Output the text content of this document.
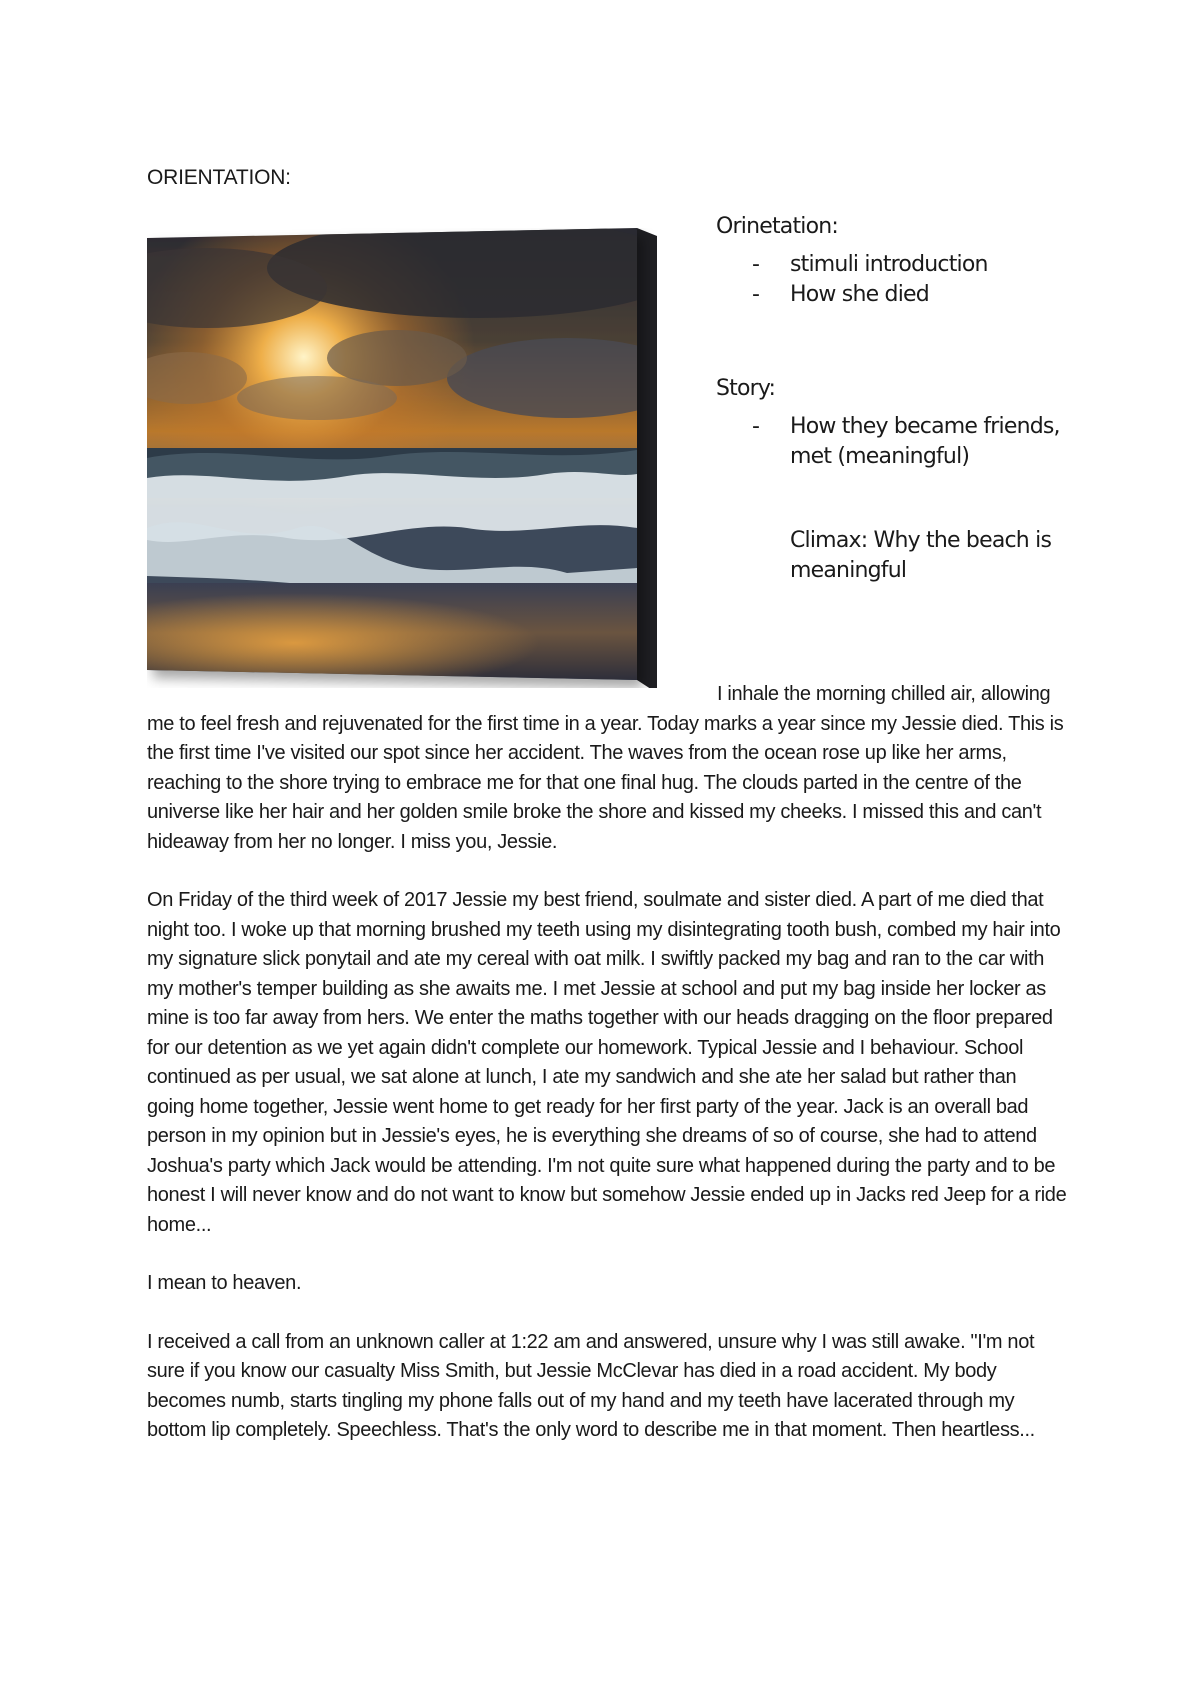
ORIENTATION:

Orinetation:

- stimuli introduction
- How she died

Story:

- How they became friends, met (meaningful)

Climax: Why the beach is meaningful

I inhale the morning chilled air, allowing me to feel fresh and rejuvenated for the first time in a year. Today marks a year since my Jessie died. This is the first time I've visited our spot since her accident. The waves from the ocean rose up like her arms, reaching to the shore trying to embrace me for that one final hug. The clouds parted in the centre of the universe like her hair and her golden smile broke the shore and kissed my cheeks. I missed this and can't hideaway from her no longer. I miss you, Jessie.

On Friday of the third week of 2017 Jessie my best friend, soulmate and sister died. A part of me died that night too. I woke up that morning brushed my teeth using my disintegrating tooth bush, combed my hair into my signature slick ponytail and ate my cereal with oat milk. I swiftly packed my bag and ran to the car with my mother's temper building as she awaits me. I met Jessie at school and put my bag inside her locker as mine is too far away from hers. We enter the maths together with our heads dragging on the floor prepared for our detention as we yet again didn't complete our homework. Typical Jessie and I behaviour. School continued as per usual, we sat alone at lunch, I ate my sandwich and she ate her salad but rather than going home together, Jessie went home to get ready for her first party of the year. Jack is an overall bad person in my opinion but in Jessie's eyes, he is everything she dreams of so of course, she had to attend Joshua's party which Jack would be attending. I'm not quite sure what happened during the party and to be honest I will never know and do not want to know but somehow Jessie ended up in Jacks red Jeep for a ride home...

I mean to heaven.

I received a call from an unknown caller at 1:22 am and answered, unsure why I was still awake. "I'm not sure if you know our casualty Miss Smith, but Jessie McClevar has died in a road accident. My body becomes numb, starts tingling my phone falls out of my hand and my teeth have lacerated through my bottom lip completely. Speechless. That's the only word to describe me in that moment. Then heartless...
